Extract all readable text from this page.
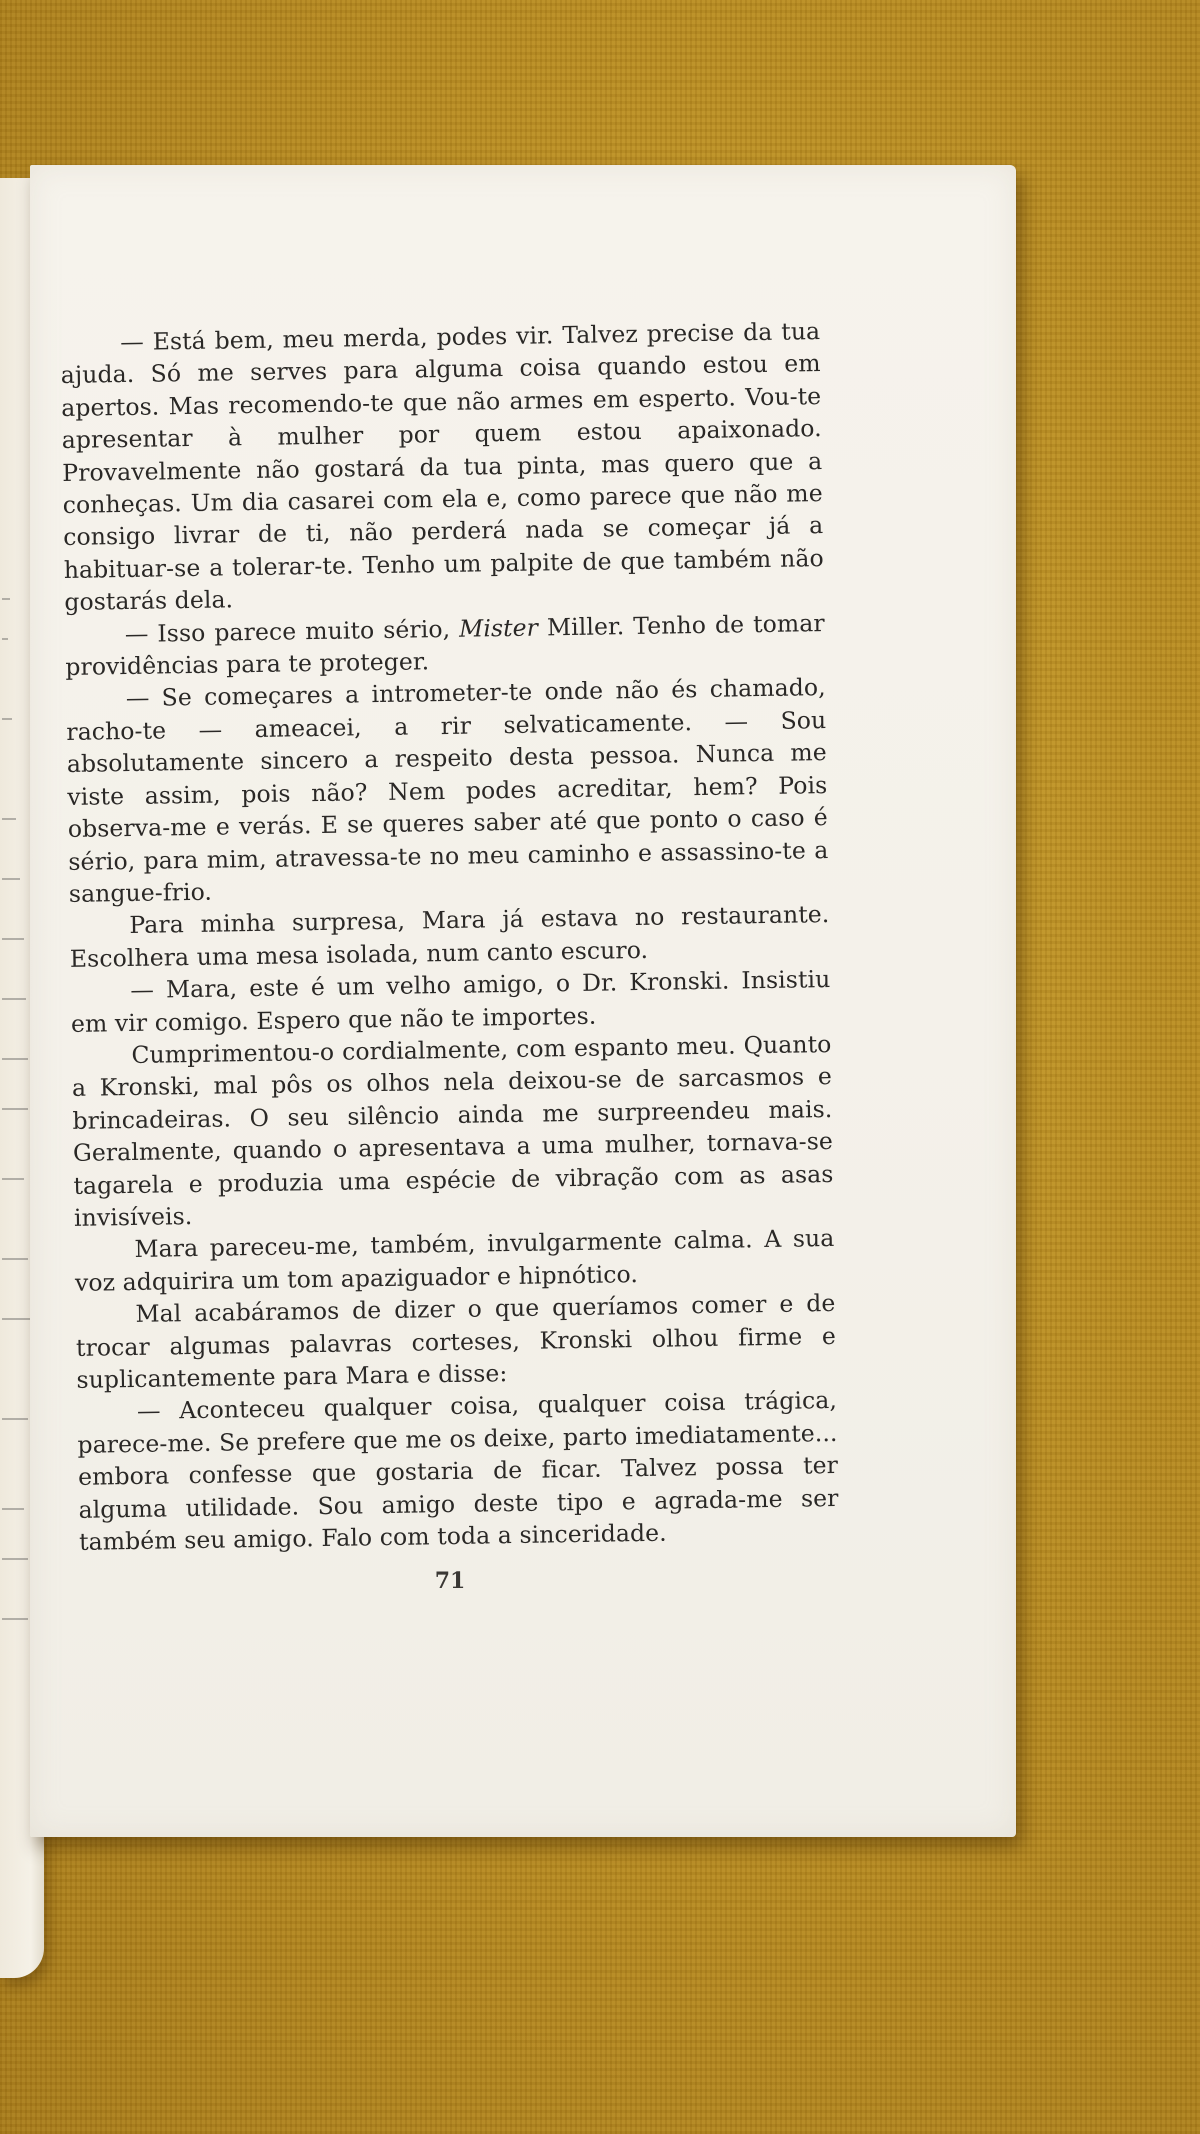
— Está bem, meu merda, podes vir. Talvez precise da tua ajuda. Só me serves para alguma coisa quando estou em apertos. Mas recomendo-te que não armes em esperto. Vou-te apresentar à mulher por quem estou apaixonado. Provavelmente não gostará da tua pinta, mas quero que a conheças. Um dia casarei com ela e, como parece que não me consigo livrar de ti, não perderá nada se começar já a habituar-se a tolerar-te. Tenho um palpite de que também não gostarás dela.

— Isso parece muito sério, Mister Miller. Tenho de tomar providências para te proteger.

— Se começares a intrometer-te onde não és chamado, racho-te — ameacei, a rir selvaticamente. — Sou absolutamente sincero a respeito desta pessoa. Nunca me viste assim, pois não? Nem podes acreditar, hem? Pois observa-me e verás. E se queres saber até que ponto o caso é sério, para mim, atravessa-te no meu caminho e assassino-te a sangue-frio.

Para minha surpresa, Mara já estava no restaurante. Escolhera uma mesa isolada, num canto escuro.

— Mara, este é um velho amigo, o Dr. Kronski. Insistiu em vir comigo. Espero que não te importes.

Cumprimentou-o cordialmente, com espanto meu. Quanto a Kronski, mal pôs os olhos nela deixou-se de sarcasmos e brincadeiras. O seu silêncio ainda me surpreendeu mais. Geralmente, quando o apresentava a uma mulher, tornava-se tagarela e produzia uma espécie de vibração com as asas invisíveis.

Mara pareceu-me, também, invulgarmente calma. A sua voz adquirira um tom apaziguador e hipnótico.

Mal acabáramos de dizer o que queríamos comer e de trocar algumas palavras corteses, Kronski olhou firme e suplicantemente para Mara e disse:

— Aconteceu qualquer coisa, qualquer coisa trágica, parece-me. Se prefere que me os deixe, parto imediatamente... embora confesse que gostaria de ficar. Talvez possa ter alguma utilidade. Sou amigo deste tipo e agrada-me ser também seu amigo. Falo com toda a sinceridade.

71
